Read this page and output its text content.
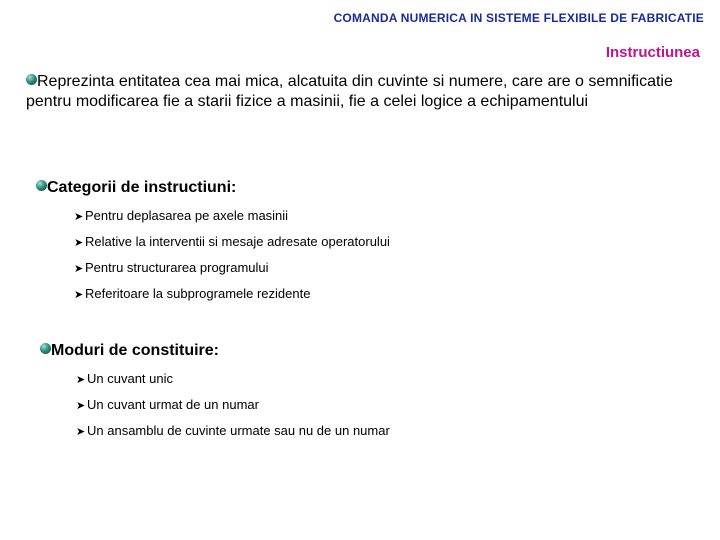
COMANDA NUMERICA IN SISTEME FLEXIBILE DE FABRICATIE
Instructiunea
Reprezinta entitatea cea mai mica, alcatuita din cuvinte si numere, care are o semnificatie pentru modificarea fie a starii fizice a masinii, fie a celei logice a echipamentului
Categorii de instructiuni:
➤ Pentru deplasarea pe axele masinii
➤ Relative la interventii si mesaje adresate operatorului
➤ Pentru structurarea programului
➤ Referitoare la subprogramele rezidente
Moduri de constituire:
➤ Un cuvant unic
➤ Un cuvant urmat de un numar
➤ Un ansamblu de cuvinte urmate sau nu de un numar
